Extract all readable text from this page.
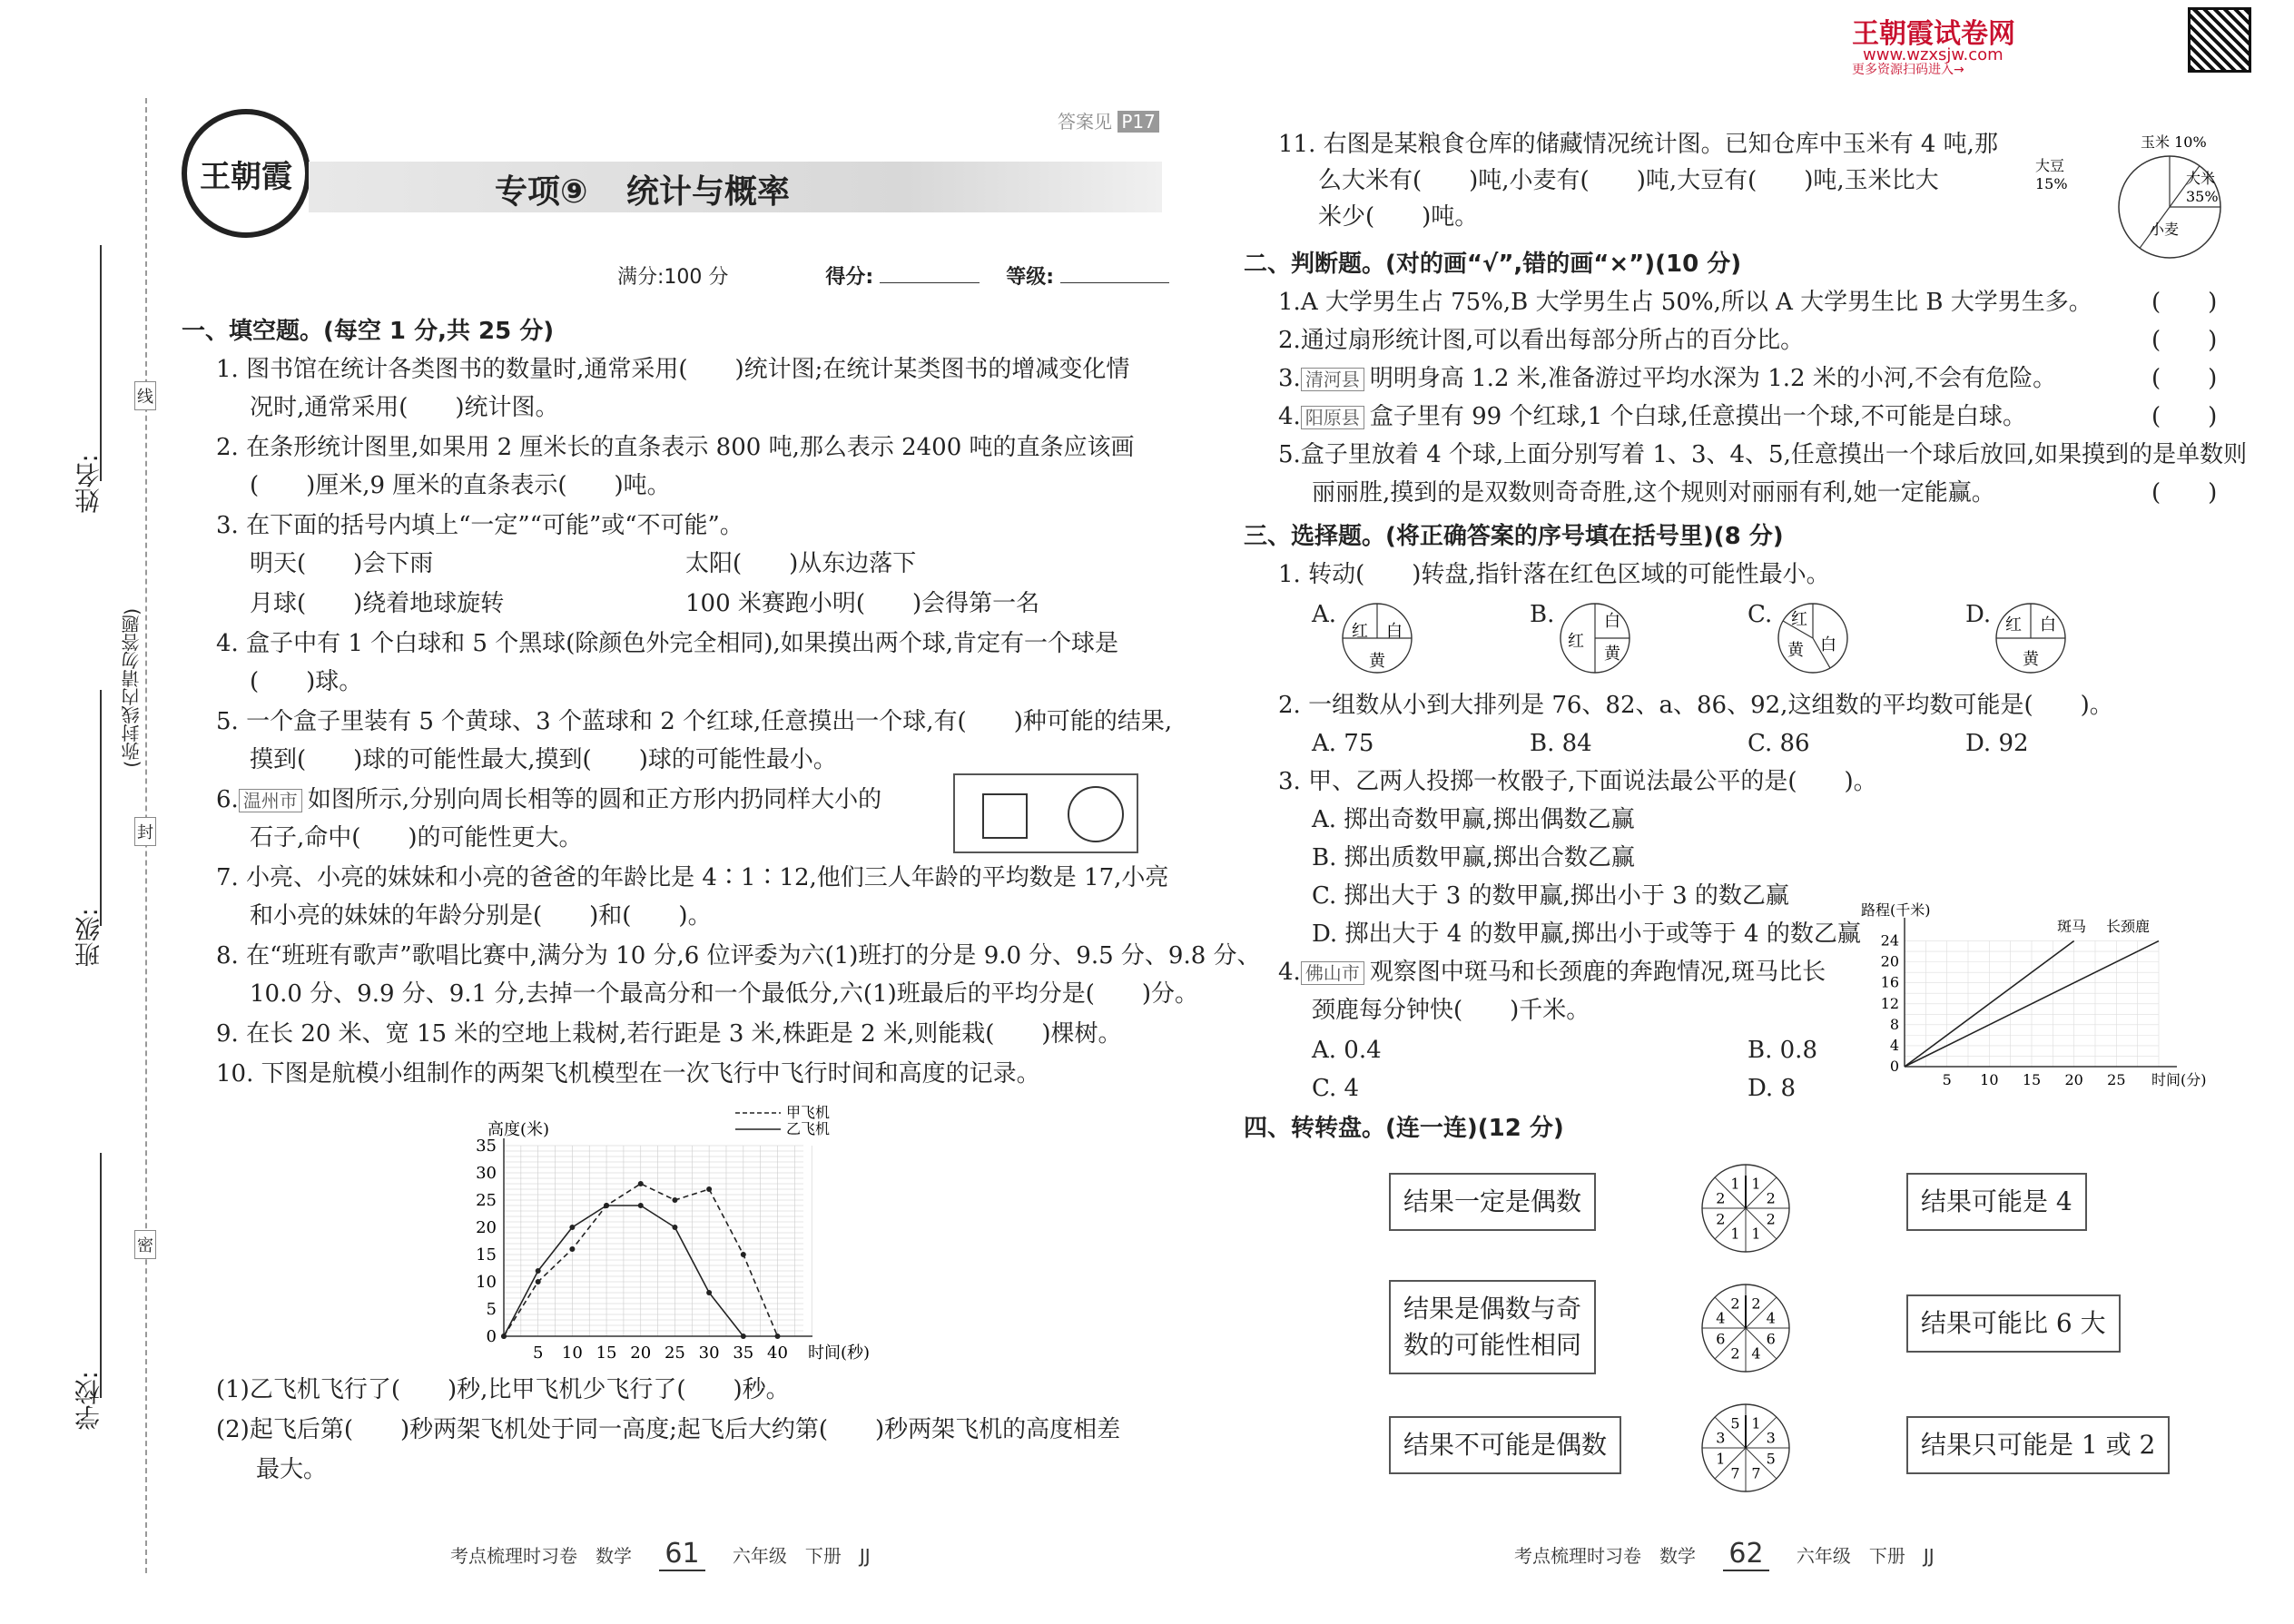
姓名:
班级:
学校:
(弥封线内请勿答题)
线
封
密
王朝霞
答案见 P17
专项⑨ 统计与概率
满分:100 分	得分:	等级:
王朝霞试卷网
www.wzxsjw.com
更多资源扫码进入→
一、填空题。(每空 1 分,共 25 分)
1. 图书馆在统计各类图书的数量时,通常采用(　　)统计图;在统计某类图书的增减变化情
况时,通常采用(　　)统计图。
2. 在条形统计图里,如果用 2 厘米长的直条表示 800 吨,那么表示 2400 吨的直条应该画
(　　)厘米,9 厘米的直条表示(　　)吨。
3. 在下面的括号内填上“一定”“可能”或“不可能”。
明天(　　)会下雨	太阳(　　)从东边落下
月球(　　)绕着地球旋转	100 米赛跑小明(　　)会得第一名
4. 盒子中有 1 个白球和 5 个黑球(除颜色外完全相同),如果摸出两个球,肯定有一个球是
(　　)球。
5. 一个盒子里装有 5 个黄球、3 个蓝球和 2 个红球,任意摸出一个球,有(　　)种可能的结果,
摸到(　　)球的可能性最大,摸到(　　)球的可能性最小。
6. 温州市 如图所示,分别向周长相等的圆和正方形内扔同样大小的
石子,命中(　　)的可能性更大。
7. 小亮、小亮的妹妹和小亮的爸爸的年龄比是 4∶1∶12,他们三人年龄的平均数是 17,小亮
和小亮的妹妹的年龄分别是(　　)和(　　)。
8. 在“班班有歌声”歌唱比赛中,满分为 10 分,6 位评委为六(1)班打的分是 9.0 分、9.5 分、9.8 分、
10.0 分、9.9 分、9.1 分,去掉一个最高分和一个最低分,六(1)班最后的平均分是(　　)分。
9. 在长 20 米、宽 15 米的空地上栽树,若行距是 3 米,株距是 2 米,则能栽(　　)棵树。
10. 下图是航模小组制作的两架飞机模型在一次飞行中飞行时间和高度的记录。
0
5
10
15
20
25
30
35
5 10 15 20 25 30 35 40
高度(米)
时间(秒)
甲飞机
乙飞机
(1)乙飞机飞行了(　　)秒,比甲飞机少飞行了(　　)秒。
(2)起飞后第(　　)秒两架飞机处于同一高度;起飞后大约第(　　)秒两架飞机的高度相差
最大。
11. 右图是某粮食仓库的储藏情况统计图。已知仓库中玉米有 4 吨,那
么大米有(　　)吨,小麦有(　　)吨,大豆有(　　)吨,玉米比大
米少(　　)吨。
玉米 10%
大豆
15%	大米
35%
小麦
二、判断题。(对的画“√”,错的画“×”)(10 分)
1.A 大学男生占 75%,B 大学男生占 50%,所以 A 大学男生比 B 大学男生多。	(　　)
2.通过扇形统计图,可以看出每部分所占的百分比。	(　　)
3. 清河县 明明身高 1.2 米,准备游过平均水深为 1.2 米的小河,不会有危险。	(　　)
4. 阳原县 盒子里有 99 个红球,1 个白球,任意摸出一个球,不可能是白球。	(　　)
5.盒子里放着 4 个球,上面分别写着 1、3、4、5,任意摸出一个球后放回,如果摸到的是单数则
丽丽胜,摸到的是双数则奇奇胜,这个规则对丽丽有利,她一定能赢。	(　　)
三、选择题。(将正确答案的序号填在括号里)(8 分)
1. 转动(　　)转盘,指针落在红色区域的可能性最小。
A.	B.	C.	D.
红 白
黄
红
白
黄
红
白
黄
红 白
黄
2. 一组数从小到大排列是 76、82、a、86、92,这组数的平均数可能是(　　)。
A. 75	B. 84	C. 86	D. 92
3. 甲、乙两人投掷一枚骰子,下面说法最公平的是(　　)。
A. 掷出奇数甲赢,掷出偶数乙赢
B. 掷出质数甲赢,掷出合数乙赢
C. 掷出大于 3 的数甲赢,掷出小于 3 的数乙赢
D. 掷出大于 4 的数甲赢,掷出小于或等于 4 的数乙赢
4. 佛山市 观察图中斑马和长颈鹿的奔跑情况,斑马比长
颈鹿每分钟快(　　)千米。
A. 0.4	B. 0.8
C. 4	D. 8
0
4
8
12
16
20
24
5 10 15 20 25
路程(千米)
时间(分)
斑马 长颈鹿
四、转转盘。(连一连)(12 分)
结果一定是偶数
结果是偶数与奇
数的可能性相同
结果不可能是偶数
1
2
2
1
1
2
2
1
2
4
6
4
2
6
4
2
1
3
5
7
7
1
3
5
结果可能是 4
结果可能比 6 大
结果只可能是 1 或 2
考点梳理时习卷　数学 61 六年级　下册　JJ	考点梳理时习卷　数学 62 六年级　下册　JJ
